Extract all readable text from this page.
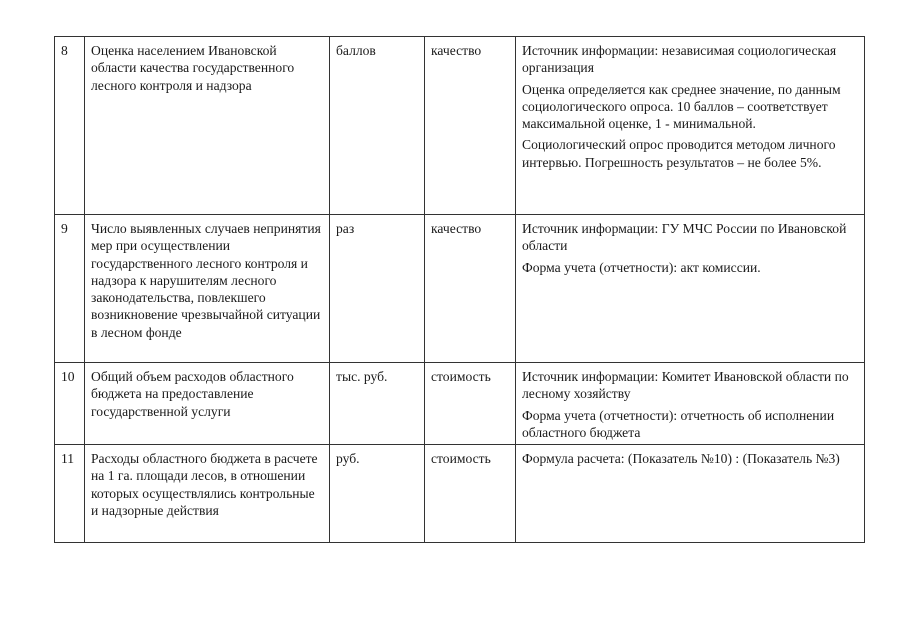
8	Оценка населением Ивановской области качества государственного лесного контроля и надзора	баллов	качество	Источник информации: независимая социологическая организация

Оценка определяется как среднее значение, по данным социологического опроса. 10 баллов – соответствует максимальной оценке, 1 - минимальной.

Социологический опрос проводится методом личного интервью. Погрешность результатов – не более 5%.

9	Число выявленных случаев непринятия мер при осуществлении государственного лесного контроля и надзора к нарушителям лесного законодательства, повлекшего возникновение чрезвычайной ситуации в лесном фонде	раз	качество	Источник информации: ГУ МЧС России по Ивановской области

Форма учета (отчетности): акт комиссии.

10	Общий объем расходов областного бюджета на предоставление государственной услуги	тыс. руб.	стоимость	Источник информации: Комитет Ивановской области по лесному хозяйству

Форма учета (отчетности): отчетность об исполнении областного бюджета

11	Расходы областного бюджета в расчете на 1 га. площади лесов, в отношении которых осуществлялись контрольные и надзорные действия	руб.	стоимость	Формула расчета: (Показатель №10) : (Показатель №3)
